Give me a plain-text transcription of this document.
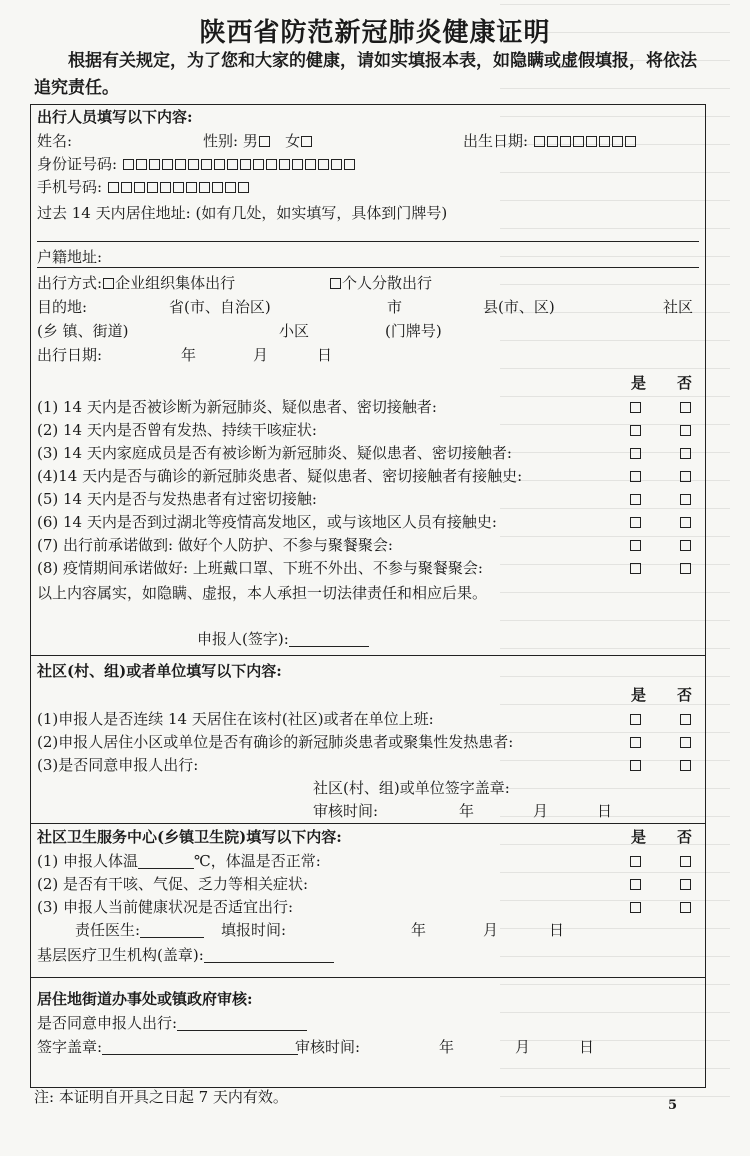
陕西省防范新冠肺炎健康证明
根据有关规定，为了您和大家的健康，请如实填报本表，如隐瞒或虚假填报，将依法追究责任。
出行人员填写以下内容:
姓名:	性别: 男 女	出生日期:
身份证号码:
手机号码:
过去 14 天内居住地址: (如有几处，如实填写，具体到门牌号)
户籍地址:
出行方式: 企业组织集体出行	个人分散出行
目的地:	省(市、自治区)	市	县(市、区)	社区
(乡 镇、街道)	小区	(门牌号)
出行日期:	年	月	日
是 否
(1) 14 天内是否被诊断为新冠肺炎、疑似患者、密切接触者:
(2) 14 天内是否曾有发热、持续干咳症状:
(3) 14 天内家庭成员是否有被诊断为新冠肺炎、疑似患者、密切接触者:
(4)14 天内是否与确诊的新冠肺炎患者、疑似患者、密切接触者有接触史:
(5) 14 天内是否与发热患者有过密切接触:
(6) 14 天内是否到过湖北等疫情高发地区，或与该地区人员有接触史:
(7) 出行前承诺做到: 做好个人防护、不参与聚餐聚会:
(8) 疫情期间承诺做好: 上班戴口罩、下班不外出、不参与聚餐聚会:
以上内容属实，如隐瞒、虚报，本人承担一切法律责任和相应后果。
申报人(签字):
社区(村、组)或者单位填写以下内容:
是 否
(1)申报人是否连续 14 天居住在该村(社区)或者在单位上班:
(2)申报人居住小区或单位是否有确诊的新冠肺炎患者或聚集性发热患者:
(3)是否同意申报人出行:
社区(村、组)或单位签字盖章:
审核时间:	年	月	日
社区卫生服务中心(乡镇卫生院)填写以下内容:	是 否
(1) 申报人体温	℃，体温是否正常:
(2) 是否有干咳、气促、乏力等相关症状:
(3) 申报人当前健康状况是否适宜出行:
责任医生:	填报时间:	年	月	日
基层医疗卫生机构(盖章):
居住地街道办事处或镇政府审核:
是否同意申报人出行:
签字盖章:	审核时间:	年	月	日
注: 本证明自开具之日起 7 天内有效。	5
